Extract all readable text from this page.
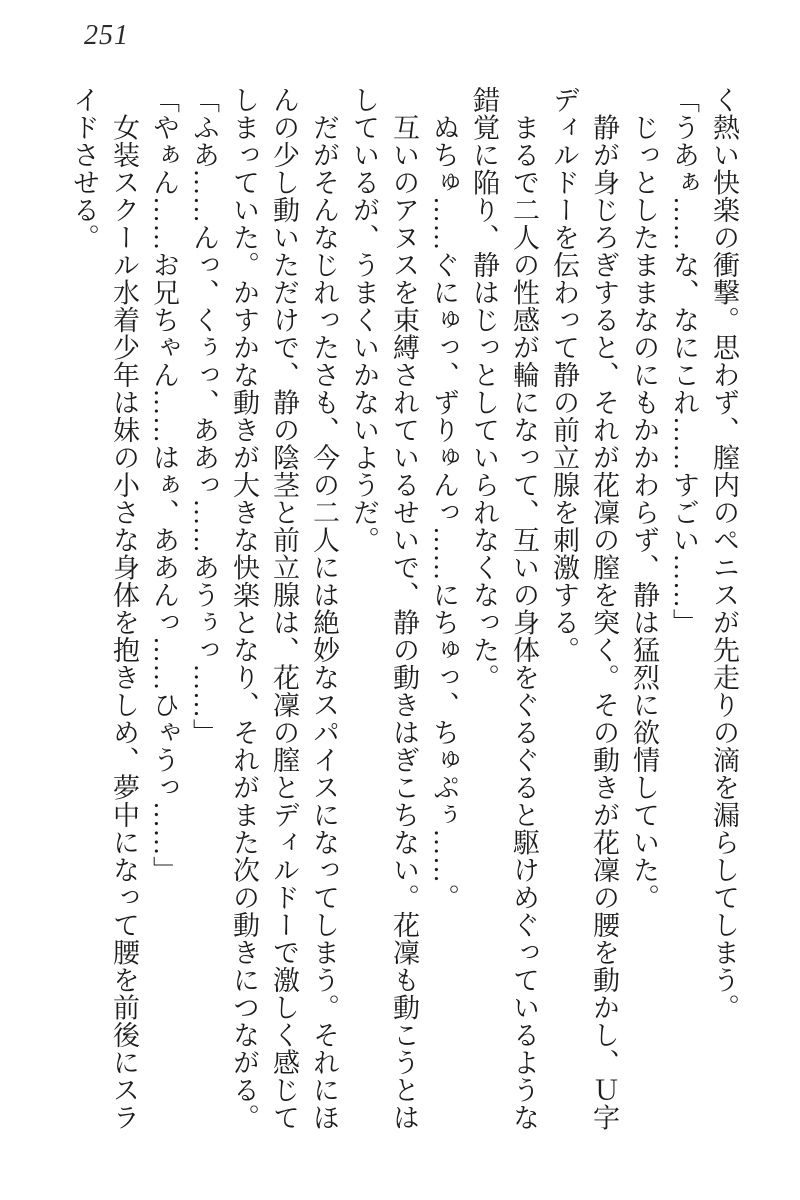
251
く熱い快楽の衝撃。思わず、膣内のペニスが先走りの滴を漏らしてしまう。
「うあぁ……な、なにこれ……すごい……」
　じっとしたままなのにもかかわらず、静は猛烈に欲情していた。
　静が身じろぎすると、それが花凜の膣を突く。その動きが花凜の腰を動かし、Ｕ字
ディルドーを伝わって静の前立腺を刺激する。
　まるで二人の性感が輪になって、互いの身体をぐるぐると駆けめぐっているような
錯覚に陥り、静はじっとしていられなくなった。
　ぬちゅ……ぐにゅっ、ずりゅんっ……にちゅっ、ちゅぷぅ……。
　互いのアヌスを束縛されているせいで、静の動きはぎこちない。花凜も動こうとは
しているが、うまくいかないようだ。
　だがそんなじれったさも、今の二人には絶妙なスパイスになってしまう。それにほ
んの少し動いただけで、静の陰茎と前立腺は、花凜の膣とディルドーで激しく感じて
しまっていた。かすかな動きが大きな快楽となり、それがまた次の動きにつながる。
「ふあ……んっ、くぅっ、ああっ……あうぅっ……」
「やぁん……お兄ちゃん……はぁ、ああんっ……ひゃうっ……」
　女装スクール水着少年は妹の小さな身体を抱きしめ、夢中になって腰を前後にスラ
イドさせる。
